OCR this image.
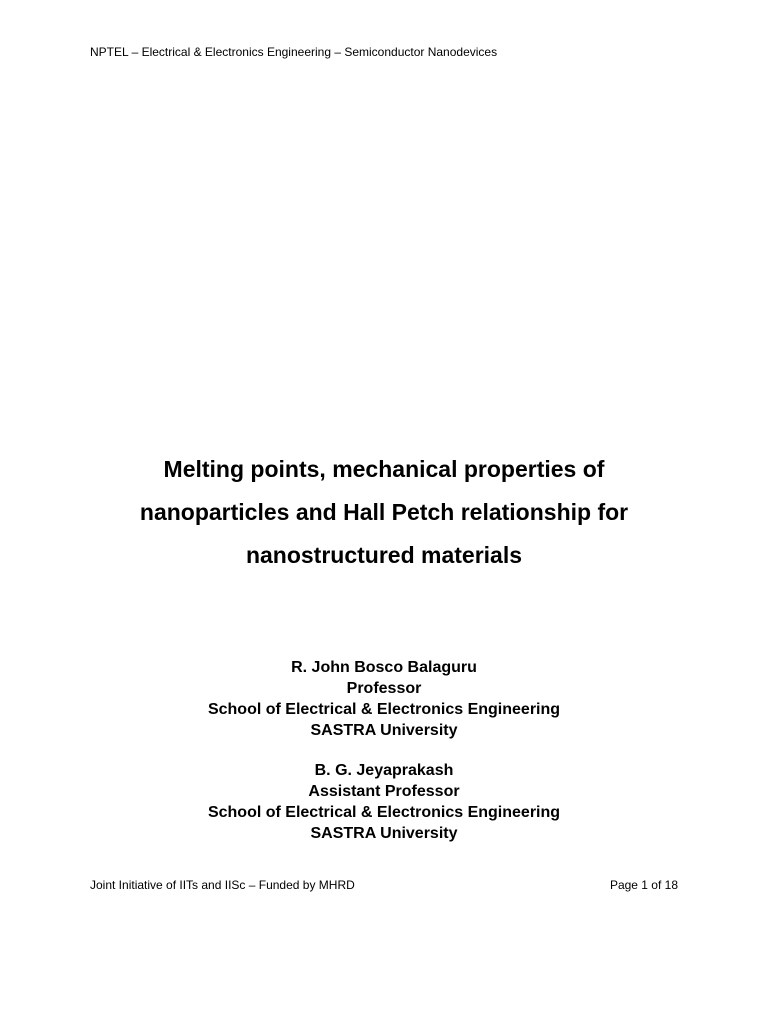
NPTEL – Electrical & Electronics Engineering – Semiconductor Nanodevices
Melting points, mechanical properties of
nanoparticles and Hall Petch relationship for
nanostructured materials
R. John Bosco Balaguru
Professor
School of Electrical & Electronics Engineering
SASTRA University
B. G. Jeyaprakash
Assistant Professor
School of Electrical & Electronics Engineering
SASTRA University
Joint Initiative of IITs and IISc – Funded by MHRD	Page 1 of 18
